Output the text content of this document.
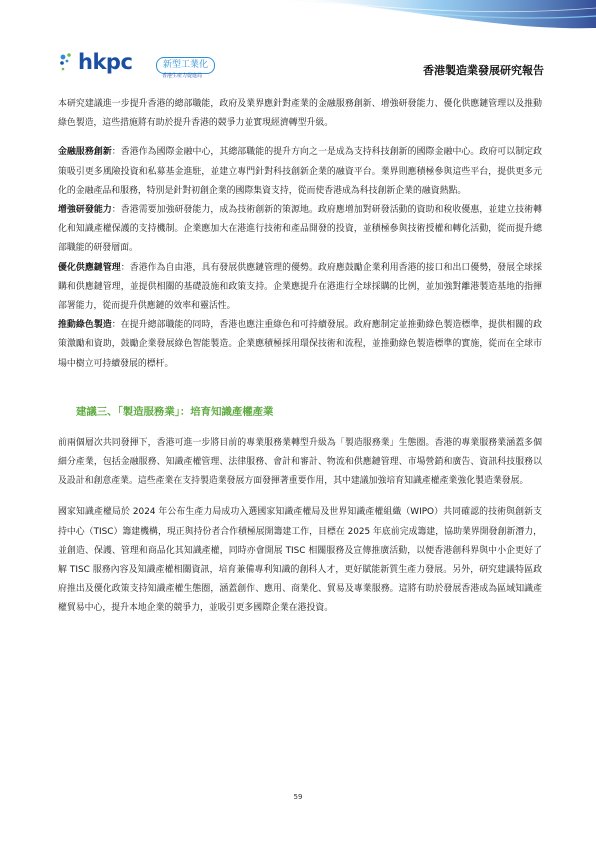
hkpc	新型工業化
香港生產力促進局	香港製造業發展研究報告

本研究建議進一步提升香港的總部職能，政府及業界應針對產業的金融服務創新、增強研發能力、優化供應鏈管理以及推動綠色製造，這些措施將有助於提升香港的競爭力並實現經濟轉型升級。

金融服務創新：香港作為國際金融中心，其總部職能的提升方向之一是成為支持科技創新的國際金融中心。政府可以制定政策吸引更多風險投資和私募基金進駐，並建立專門針對科技創新企業的融資平台。業界則應積極參與這些平台，提供更多元化的金融產品和服務，特別是針對初創企業的國際集資支持，從而使香港成為科技創新企業的融資熱點。

增強研發能力：香港需要加強研發能力，成為技術創新的策源地。政府應增加對研發活動的資助和稅收優惠，並建立技術轉化和知識產權保護的支持機制。企業應加大在港進行技術和產品開發的投資，並積極參與技術授權和轉化活動，從而提升總部職能的研發層面。

優化供應鏈管理：香港作為自由港，具有發展供應鏈管理的優勢。政府應鼓勵企業利用香港的接口和出口優勢，發展全球採購和供應鏈管理，並提供相關的基礎設施和政策支持。企業應提升在港進行全球採購的比例，並加強對離港製造基地的指揮部署能力，從而提升供應鏈的效率和靈活性。

推動綠色製造：在提升總部職能的同時，香港也應注重綠色和可持續發展。政府應制定並推動綠色製造標準，提供相關的政策激勵和資助，鼓勵企業發展綠色智能製造。企業應積極採用環保技術和流程，並推動綠色製造標準的實施，從而在全球市場中樹立可持續發展的標杆。

建議三、「製造服務業」：培育知識產權產業

前兩個層次共同發揮下，香港可進一步將目前的專業服務業轉型升級為「製造服務業」生態圈。香港的專業服務業涵蓋多個細分產業，包括金融服務、知識產權管理、法律服務、會計和審計、物流和供應鏈管理、市場營銷和廣告、資訊科技服務以及設計和創意產業。這些產業在支持製造業發展方面發揮著重要作用，其中建議加強培育知識產權產業強化製造業發展。

國家知識產權局於 2024 年公布生產力局成功入選國家知識產權局及世界知識產權組織（WIPO）共同確認的技術與創新支持中心（TISC）籌建機構，現正與持份者合作積極展開籌建工作，目標在 2025 年底前完成籌建，協助業界開發創新潛力，並創造、保護、管理和商品化其知識產權，同時亦會開展 TISC 相關服務及宣傳推廣活動，以便香港創科界與中小企更好了解 TISC 服務內容及知識產權相關資訊，培育兼備專利知識的創科人才，更好賦能新質生產力發展。另外，研究建議特區政府推出及優化政策支持知識產權生態圈，涵蓋創作、應用、商業化、貿易及專業服務。這將有助於發展香港成為區域知識產權貿易中心，提升本地企業的競爭力，並吸引更多國際企業在港投資。

59
